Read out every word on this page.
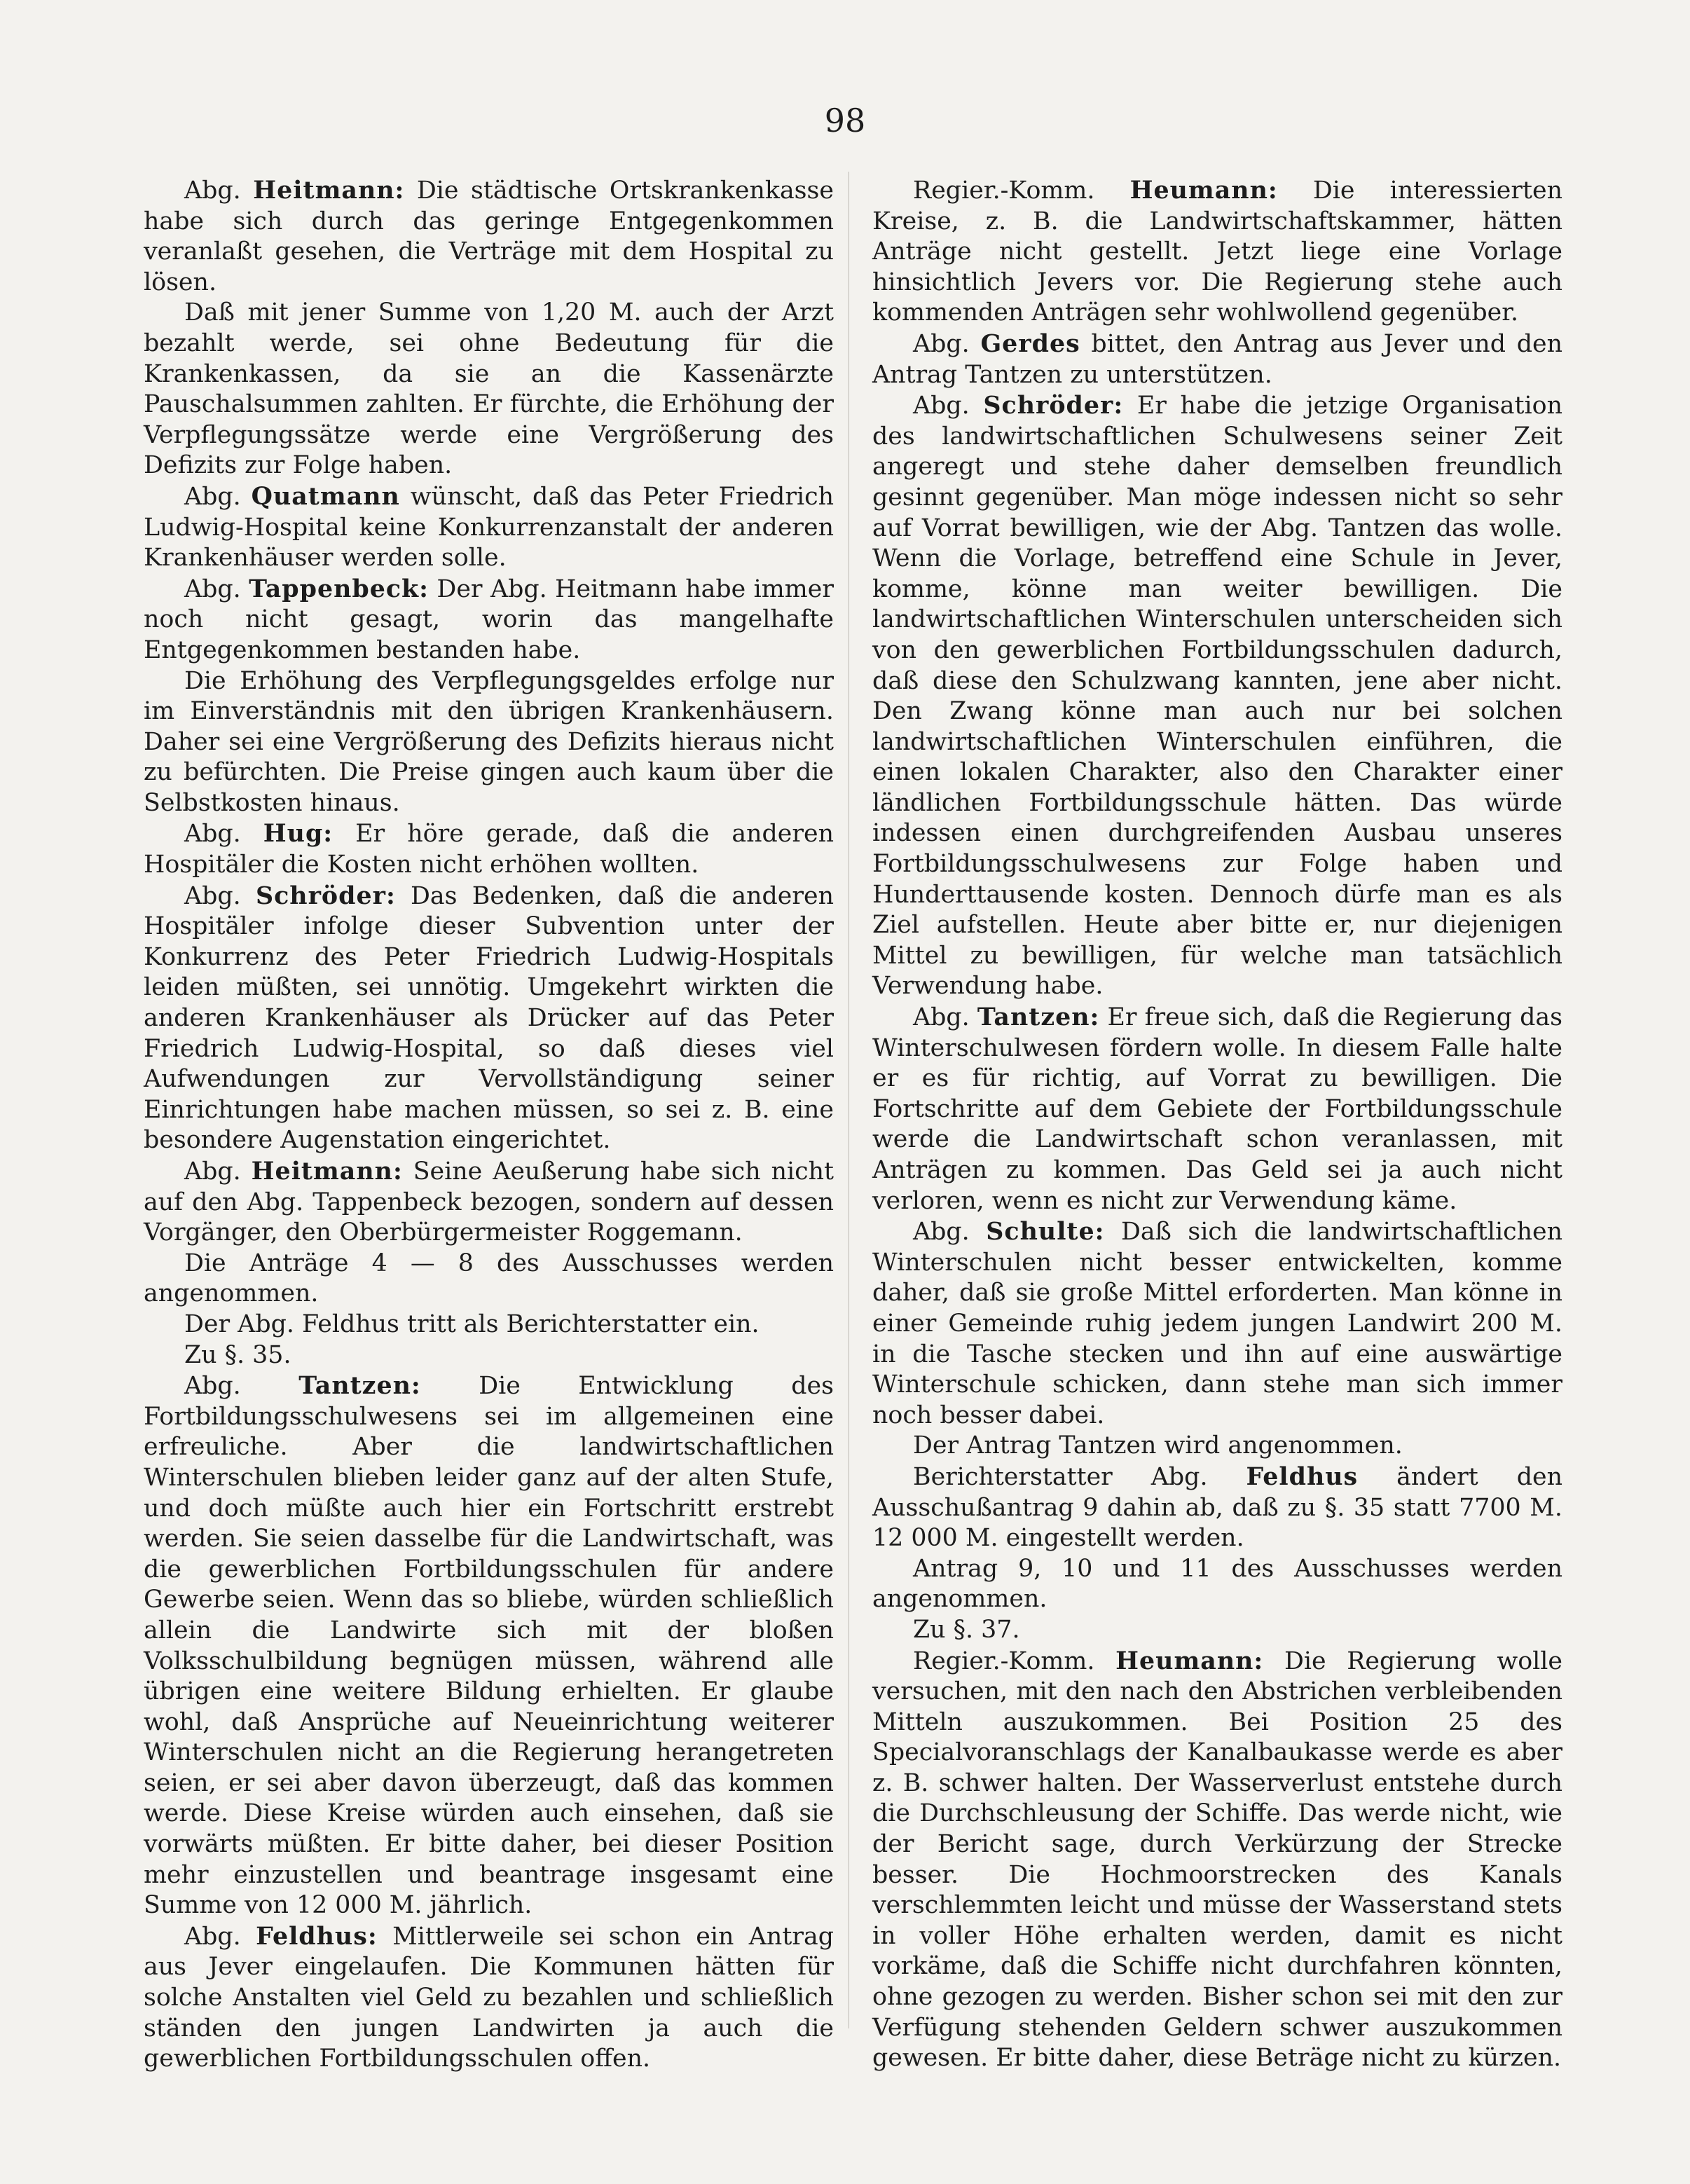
98

Abg. Heitmann: Die städtische Ortskrankenkasse habe sich durch das geringe Entgegenkommen veranlaßt gesehen, die Verträge mit dem Hospital zu lösen.

Daß mit jener Summe von 1,20 M. auch der Arzt bezahlt werde, sei ohne Bedeutung für die Krankenkassen, da sie an die Kassenärzte Pauschalsummen zahlten. Er fürchte, die Erhöhung der Verpflegungssätze werde eine Vergrößerung des Defizits zur Folge haben.

Abg. Quatmann wünscht, daß das Peter Friedrich Ludwig-Hospital keine Konkurrenzanstalt der anderen Krankenhäuser werden solle.

Abg. Tappenbeck: Der Abg. Heitmann habe immer noch nicht gesagt, worin das mangelhafte Entgegenkommen bestanden habe.

Die Erhöhung des Verpflegungsgeldes erfolge nur im Einverständnis mit den übrigen Krankenhäusern. Daher sei eine Vergrößerung des Defizits hieraus nicht zu befürchten. Die Preise gingen auch kaum über die Selbstkosten hinaus.

Abg. Hug: Er höre gerade, daß die anderen Hospitäler die Kosten nicht erhöhen wollten.

Abg. Schröder: Das Bedenken, daß die anderen Hospitäler infolge dieser Subvention unter der Konkurrenz des Peter Friedrich Ludwig-Hospitals leiden müßten, sei unnötig. Umgekehrt wirkten die anderen Krankenhäuser als Drücker auf das Peter Friedrich Ludwig-Hospital, so daß dieses viel Aufwendungen zur Vervollständigung seiner Einrichtungen habe machen müssen, so sei z. B. eine besondere Augenstation eingerichtet.

Abg. Heitmann: Seine Aeußerung habe sich nicht auf den Abg. Tappenbeck bezogen, sondern auf dessen Vorgänger, den Oberbürgermeister Roggemann.

Die Anträge 4 — 8 des Ausschusses werden angenommen.

Der Abg. Feldhus tritt als Berichterstatter ein.

Zu §. 35.

Abg. Tantzen: Die Entwicklung des Fortbildungsschulwesens sei im allgemeinen eine erfreuliche. Aber die landwirtschaftlichen Winterschulen blieben leider ganz auf der alten Stufe, und doch müßte auch hier ein Fortschritt erstrebt werden. Sie seien dasselbe für die Landwirtschaft, was die gewerblichen Fortbildungsschulen für andere Gewerbe seien. Wenn das so bliebe, würden schließlich allein die Landwirte sich mit der bloßen Volksschulbildung begnügen müssen, während alle übrigen eine weitere Bildung erhielten. Er glaube wohl, daß Ansprüche auf Neueinrichtung weiterer Winterschulen nicht an die Regierung herangetreten seien, er sei aber davon überzeugt, daß das kommen werde. Diese Kreise würden auch einsehen, daß sie vorwärts müßten. Er bitte daher, bei dieser Position mehr einzustellen und beantrage insgesamt eine Summe von 12 000 M. jährlich.

Abg. Feldhus: Mittlerweile sei schon ein Antrag aus Jever eingelaufen. Die Kommunen hätten für solche Anstalten viel Geld zu bezahlen und schließlich ständen den jungen Landwirten ja auch die gewerblichen Fortbildungsschulen offen.

Regier.-Komm. Heumann: Die interessierten Kreise, z. B. die Landwirtschaftskammer, hätten Anträge nicht gestellt. Jetzt liege eine Vorlage hinsichtlich Jevers vor. Die Regierung stehe auch kommenden Anträgen sehr wohlwollend gegenüber.

Abg. Gerdes bittet, den Antrag aus Jever und den Antrag Tantzen zu unterstützen.

Abg. Schröder: Er habe die jetzige Organisation des landwirtschaftlichen Schulwesens seiner Zeit angeregt und stehe daher demselben freundlich gesinnt gegenüber. Man möge indessen nicht so sehr auf Vorrat bewilligen, wie der Abg. Tantzen das wolle. Wenn die Vorlage, betreffend eine Schule in Jever, komme, könne man weiter bewilligen. Die landwirtschaftlichen Winterschulen unterscheiden sich von den gewerblichen Fortbildungsschulen dadurch, daß diese den Schulzwang kannten, jene aber nicht. Den Zwang könne man auch nur bei solchen landwirtschaftlichen Winterschulen einführen, die einen lokalen Charakter, also den Charakter einer ländlichen Fortbildungsschule hätten. Das würde indessen einen durchgreifenden Ausbau unseres Fortbildungsschulwesens zur Folge haben und Hunderttausende kosten. Dennoch dürfe man es als Ziel aufstellen. Heute aber bitte er, nur diejenigen Mittel zu bewilligen, für welche man tatsächlich Verwendung habe.

Abg. Tantzen: Er freue sich, daß die Regierung das Winterschulwesen fördern wolle. In diesem Falle halte er es für richtig, auf Vorrat zu bewilligen. Die Fortschritte auf dem Gebiete der Fortbildungsschule werde die Landwirtschaft schon veranlassen, mit Anträgen zu kommen. Das Geld sei ja auch nicht verloren, wenn es nicht zur Verwendung käme.

Abg. Schulte: Daß sich die landwirtschaftlichen Winterschulen nicht besser entwickelten, komme daher, daß sie große Mittel erforderten. Man könne in einer Gemeinde ruhig jedem jungen Landwirt 200 M. in die Tasche stecken und ihn auf eine auswärtige Winterschule schicken, dann stehe man sich immer noch besser dabei.

Der Antrag Tantzen wird angenommen.

Berichterstatter Abg. Feldhus ändert den Ausschußantrag 9 dahin ab, daß zu §. 35 statt 7700 M. 12 000 M. eingestellt werden.

Antrag 9, 10 und 11 des Ausschusses werden angenommen.

Zu §. 37.

Regier.-Komm. Heumann: Die Regierung wolle versuchen, mit den nach den Abstrichen verbleibenden Mitteln auszukommen. Bei Position 25 des Specialvoranschlags der Kanalbaukasse werde es aber z. B. schwer halten. Der Wasserverlust entstehe durch die Durchschleusung der Schiffe. Das werde nicht, wie der Bericht sage, durch Verkürzung der Strecke besser. Die Hochmoorstrecken des Kanals verschlemmten leicht und müsse der Wasserstand stets in voller Höhe erhalten werden, damit es nicht vorkäme, daß die Schiffe nicht durchfahren könnten, ohne gezogen zu werden. Bisher schon sei mit den zur Verfügung stehenden Geldern schwer auszukommen gewesen. Er bitte daher, diese Beträge nicht zu kürzen.
